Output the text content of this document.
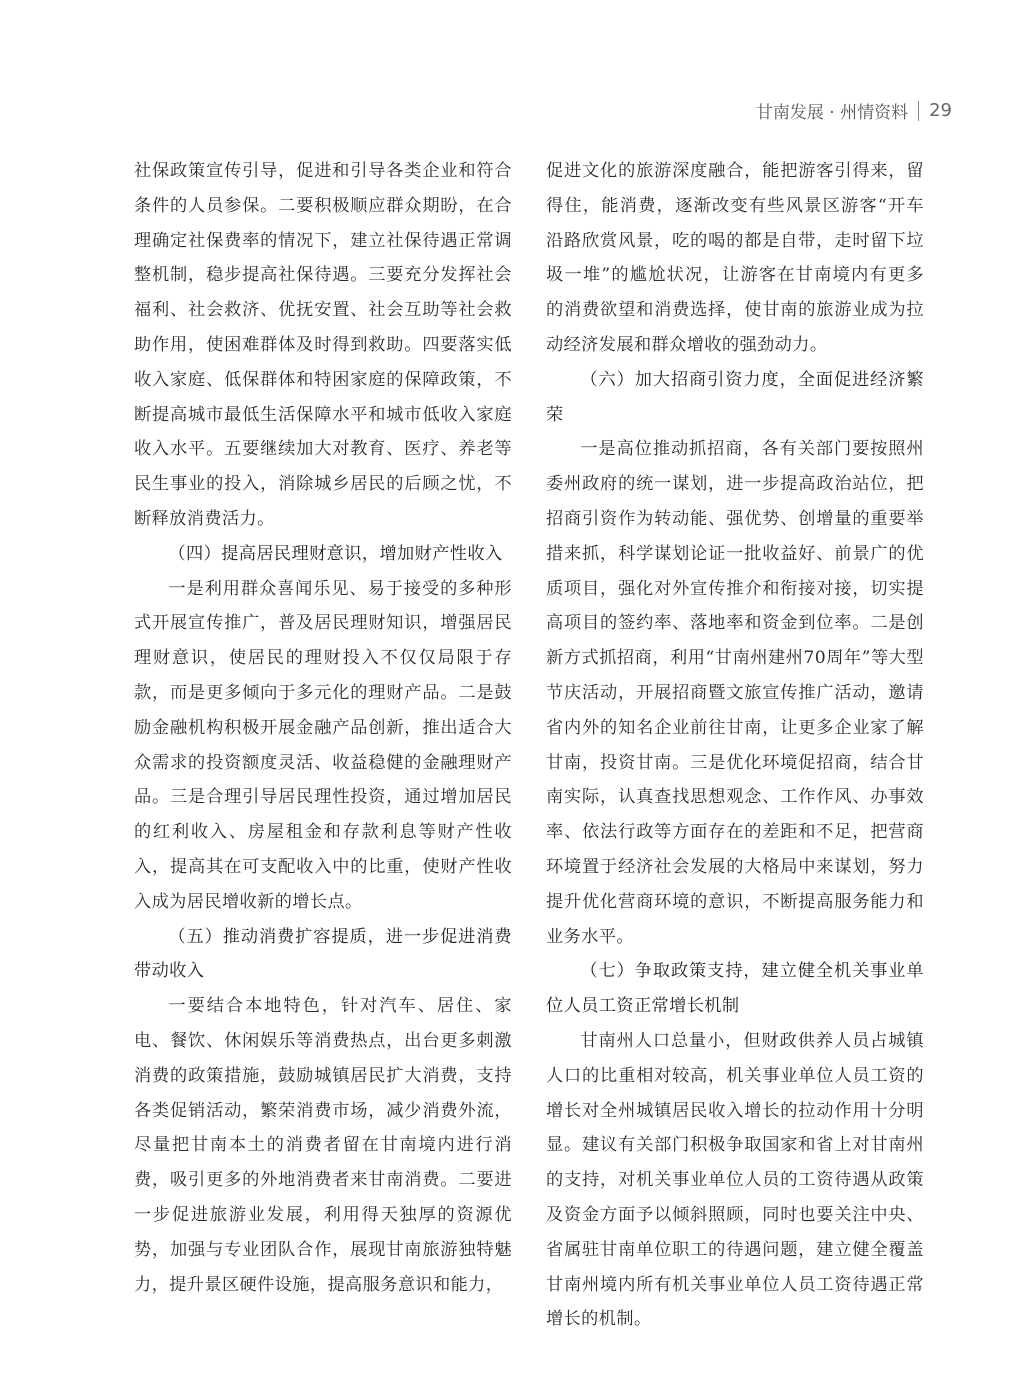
甘南发展 · 州情资料 29

社保政策宣传引导，促进和引导各类企业和符合条件的人员参保。二要积极顺应群众期盼，在合理确定社保费率的情况下，建立社保待遇正常调整机制，稳步提高社保待遇。三要充分发挥社会福利、社会救济、优抚安置、社会互助等社会救助作用，使困难群体及时得到救助。四要落实低收入家庭、低保群体和特困家庭的保障政策，不断提高城市最低生活保障水平和城市低收入家庭收入水平。五要继续加大对教育、医疗、养老等民生事业的投入，消除城乡居民的后顾之忧，不断释放消费活力。

（四）提高居民理财意识，增加财产性收入

一是利用群众喜闻乐见、易于接受的多种形式开展宣传推广，普及居民理财知识，增强居民理财意识，使居民的理财投入不仅仅局限于存款，而是更多倾向于多元化的理财产品。二是鼓励金融机构积极开展金融产品创新，推出适合大众需求的投资额度灵活、收益稳健的金融理财产品。三是合理引导居民理性投资，通过增加居民的红利收入、房屋租金和存款利息等财产性收入，提高其在可支配收入中的比重，使财产性收入成为居民增收新的增长点。

（五）推动消费扩容提质，进一步促进消费带动收入

一要结合本地特色，针对汽车、居住、家电、餐饮、休闲娱乐等消费热点，出台更多刺激消费的政策措施，鼓励城镇居民扩大消费，支持各类促销活动，繁荣消费市场，减少消费外流，尽量把甘南本土的消费者留在甘南境内进行消费，吸引更多的外地消费者来甘南消费。二要进一步促进旅游业发展，利用得天独厚的资源优势，加强与专业团队合作，展现甘南旅游独特魅力，提升景区硬件设施，提高服务意识和能力，

促进文化的旅游深度融合，能把游客引得来，留得住，能消费，逐渐改变有些风景区游客“开车沿路欣赏风景，吃的喝的都是自带，走时留下垃圾一堆”的尴尬状况，让游客在甘南境内有更多的消费欲望和消费选择，使甘南的旅游业成为拉动经济发展和群众增收的强劲动力。

（六）加大招商引资力度，全面促进经济繁荣

一是高位推动抓招商，各有关部门要按照州委州政府的统一谋划，进一步提高政治站位，把招商引资作为转动能、强优势、创增量的重要举措来抓，科学谋划论证一批收益好、前景广的优质项目，强化对外宣传推介和衔接对接，切实提高项目的签约率、落地率和资金到位率。二是创新方式抓招商，利用“甘南州建州70周年”等大型节庆活动，开展招商暨文旅宣传推广活动，邀请省内外的知名企业前往甘南，让更多企业家了解甘南，投资甘南。三是优化环境促招商，结合甘南实际，认真查找思想观念、工作作风、办事效率、依法行政等方面存在的差距和不足，把营商环境置于经济社会发展的大格局中来谋划，努力提升优化营商环境的意识，不断提高服务能力和业务水平。

（七）争取政策支持，建立健全机关事业单位人员工资正常增长机制

甘南州人口总量小，但财政供养人员占城镇人口的比重相对较高，机关事业单位人员工资的增长对全州城镇居民收入增长的拉动作用十分明显。建议有关部门积极争取国家和省上对甘南州的支持，对机关事业单位人员的工资待遇从政策及资金方面予以倾斜照顾，同时也要关注中央、省属驻甘南单位职工的待遇问题，建立健全覆盖甘南州境内所有机关事业单位人员工资待遇正常增长的机制。
